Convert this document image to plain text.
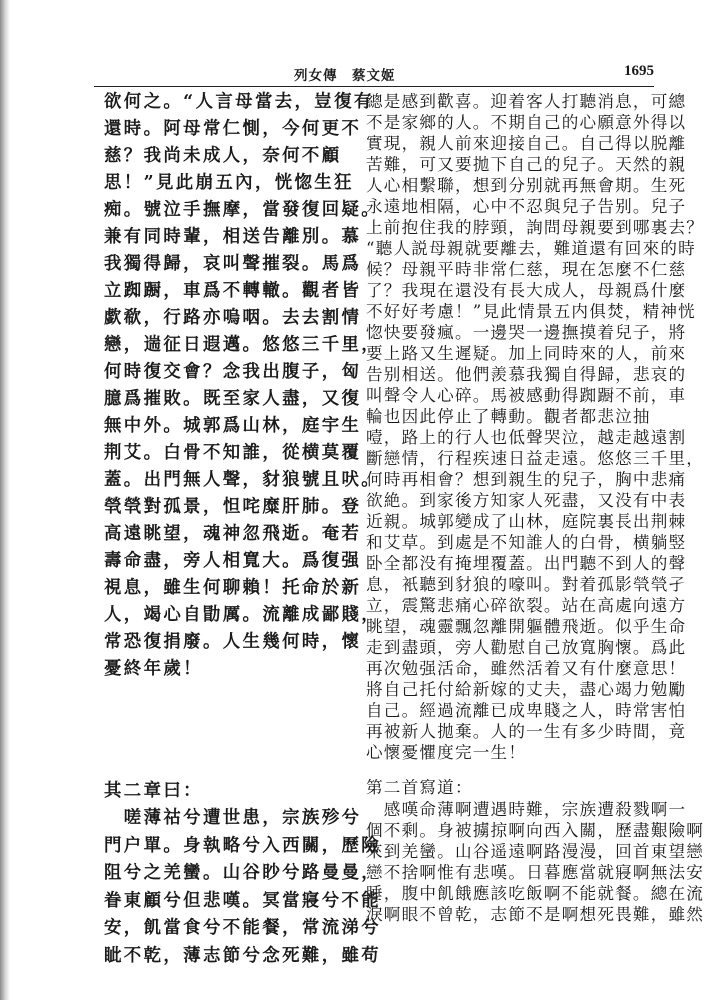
列女傳　蔡文姬	1695
欲何之。“人言母當去，豈復有
還時。阿母常仁惻，今何更不
慈？我尚未成人，奈何不顧
思！”見此崩五內，恍惚生狂
痴。號泣手撫摩，當發復回疑。
兼有同時輩，相送告離別。慕
我獨得歸，哀叫聲摧裂。馬爲
立踟蹰，車爲不轉轍。觀者皆
歔欷，行路亦嗚咽。去去割情
戀，遄征日遐邁。悠悠三千里，
何時復交會？念我出腹子，匈
臆爲摧敗。既至家人盡，又復
無中外。城郭爲山林，庭宇生
荆艾。白骨不知誰，從横莫覆
蓋。出門無人聲，豺狼號且吠。
煢煢對孤景，怛咤糜肝肺。登
高遠眺望，魂神忽飛逝。奄若
壽命盡，旁人相寬大。爲復强
視息，雖生何聊賴！托命於新
人，竭心自勖厲。流離成鄙賤，
常恐復捐廢。人生幾何時，懷
憂終年歲！
其二章曰：
　嗟薄祜兮遭世患，宗族殄兮
門户單。身執略兮入西關，歷險
阻兮之羌蠻。山谷眇兮路曼曼，
眷東顧兮但悲嘆。冥當寢兮不能
安，飢當食兮不能餐，常流涕兮
眦不乾，薄志節兮念死難，雖苟
總是感到歡喜。迎着客人打聽消息，可總
不是家鄉的人。不期自己的心願意外得以
實現，親人前來迎接自己。自己得以脱離
苦難，可又要拋下自己的兒子。天然的親
人心相繫聯，想到分别就再無會期。生死
永遠地相隔，心中不忍與兒子告别。兒子
上前抱住我的脖頸，詢問母親要到哪裏去？
“聽人説母親就要離去，難道還有回來的時
候？母親平時非常仁慈，現在怎麼不仁慈
了？我現在還没有長大成人，母親爲什麼
不好好考慮！”見此情景五内俱焚，精神恍
惚快要發瘋。一邊哭一邊撫摸着兒子，將
要上路又生遲疑。加上同時來的人，前來
告别相送。他們羨慕我獨自得歸，悲哀的
叫聲令人心碎。馬被感動得踟蹰不前，車
輪也因此停止了轉動。觀者都悲泣抽
噎，路上的行人也低聲哭泣，越走越遠割
斷戀情，行程疾速日益走遠。悠悠三千里，
何時再相會？想到親生的兒子，胸中悲痛
欲絶。到家後方知家人死盡，又没有中表
近親。城郭變成了山林，庭院裏長出荆棘
和艾草。到處是不知誰人的白骨，横躺竪
卧全都没有掩埋覆蓋。出門聽不到人的聲
息，衹聽到豺狼的嚎叫。對着孤影煢煢孑
立，震驚悲痛心碎欲裂。站在高處向遠方
眺望，魂靈飄忽離開軀體飛逝。似乎生命
走到盡頭，旁人勸慰自己放寬胸懷。爲此
再次勉强活命，雖然活着又有什麼意思！
將自己托付給新嫁的丈夫，盡心竭力勉勵
自己。經過流離已成卑賤之人，時常害怕
再被新人拋棄。人的一生有多少時間，竟
心懷憂懼度完一生！
第二首寫道：
　感嘆命薄啊遭遇時難，宗族遭殺戮啊一
個不剩。身被擄掠啊向西入關，歷盡艱險啊
來到羌蠻。山谷遥遠啊路漫漫，回首東望戀
戀不捨啊惟有悲嘆。日暮應當就寢啊無法安
睡，腹中飢餓應該吃飯啊不能就餐。總在流
淚啊眼不曾乾，志節不是啊想死畏難，雖然
